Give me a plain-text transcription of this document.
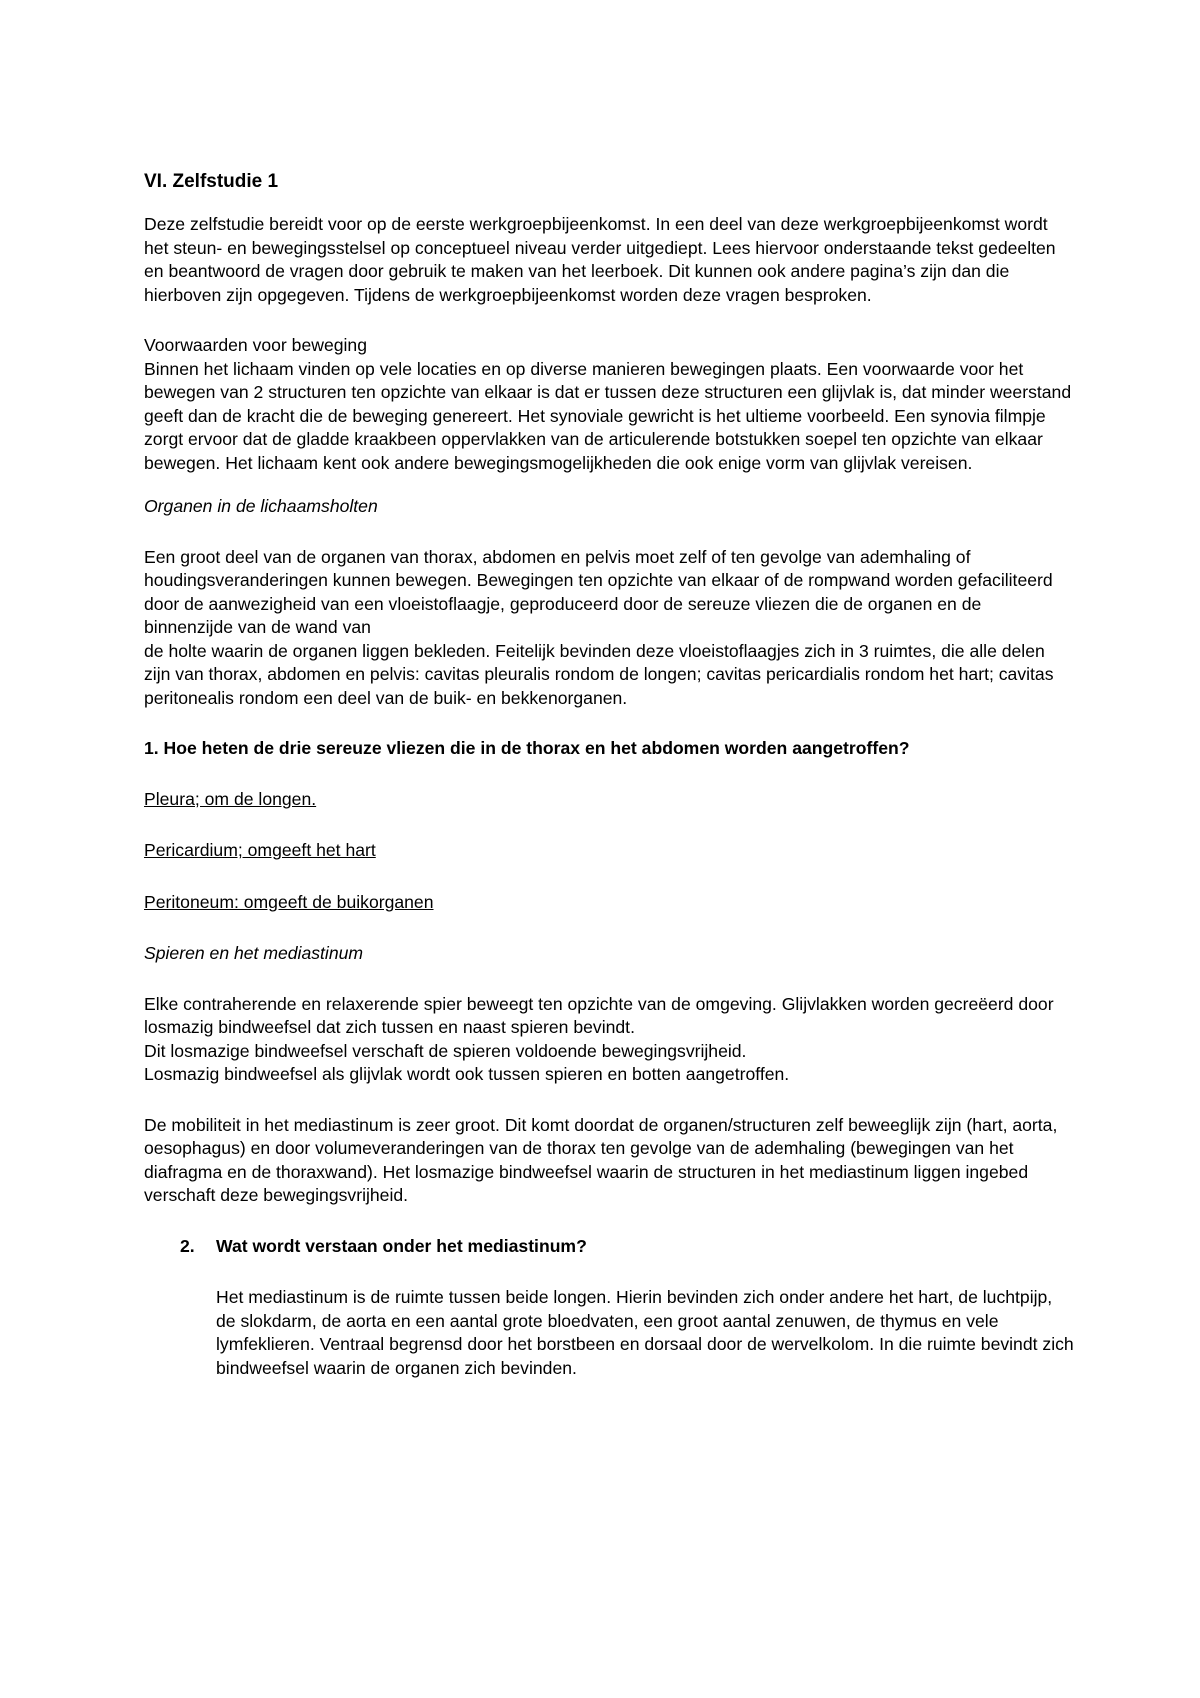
VI. Zelfstudie 1

Deze zelfstudie bereidt voor op de eerste werkgroepbijeenkomst. In een deel van deze werkgroepbijeenkomst wordt het steun- en bewegingsstelsel op conceptueel niveau verder uitgediept. Lees hiervoor onderstaande tekst gedeelten en beantwoord de vragen door gebruik te maken van het leerboek. Dit kunnen ook andere pagina’s zijn dan die hierboven zijn opgegeven. Tijdens de werkgroepbijeenkomst worden deze vragen besproken.

Voorwaarden voor beweging

Binnen het lichaam vinden op vele locaties en op diverse manieren bewegingen plaats. Een voorwaarde voor het bewegen van 2 structuren ten opzichte van elkaar is dat er tussen deze structuren een glijvlak is, dat minder weerstand geeft dan de kracht die de beweging genereert. Het synoviale gewricht is het ultieme voorbeeld. Een synovia filmpje zorgt ervoor dat de gladde kraakbeen oppervlakken van de articulerende botstukken soepel ten opzichte van elkaar bewegen. Het lichaam kent ook andere bewegingsmogelijkheden die ook enige vorm van glijvlak vereisen.

Organen in de lichaamsholten

Een groot deel van de organen van thorax, abdomen en pelvis moet zelf of ten gevolge van ademhaling of houdingsveranderingen kunnen bewegen. Bewegingen ten opzichte van elkaar of de rompwand worden gefaciliteerd door de aanwezigheid van een vloeistoflaagje, geproduceerd door de sereuze vliezen die de organen en de binnenzijde van de wand van

de holte waarin de organen liggen bekleden. Feitelijk bevinden deze vloeistoflaagjes zich in 3 ruimtes, die alle delen zijn van thorax, abdomen en pelvis: cavitas pleuralis rondom de longen; cavitas pericardialis rondom het hart; cavitas peritonealis rondom een deel van de buik- en bekkenorganen.

1. Hoe heten de drie sereuze vliezen die in de thorax en het abdomen worden aangetroffen?

Pleura; om de longen.

Pericardium; omgeeft het hart

Peritoneum: omgeeft de buikorganen

Spieren en het mediastinum

Elke contraherende en relaxerende spier beweegt ten opzichte van de omgeving. Glijvlakken worden gecreëerd door losmazig bindweefsel dat zich tussen en naast spieren bevindt.

Dit losmazige bindweefsel verschaft de spieren voldoende bewegingsvrijheid.

Losmazig bindweefsel als glijvlak wordt ook tussen spieren en botten aangetroffen.

De mobiliteit in het mediastinum is zeer groot. Dit komt doordat de organen/structuren zelf beweeglijk zijn (hart, aorta, oesophagus) en door volumeveranderingen van de thorax ten gevolge van de ademhaling (bewegingen van het diafragma en de thoraxwand). Het losmazige bindweefsel waarin de structuren in het mediastinum liggen ingebed verschaft deze bewegingsvrijheid.

2.	Wat wordt verstaan onder het mediastinum?

Het mediastinum is de ruimte tussen beide longen. Hierin bevinden zich onder andere het hart, de luchtpijp, de slokdarm, de aorta en een aantal grote bloedvaten, een groot aantal zenuwen, de thymus en vele lymfeklieren. Ventraal begrensd door het borstbeen en dorsaal door de wervelkolom. In die ruimte bevindt zich bindweefsel waarin de organen zich bevinden.
